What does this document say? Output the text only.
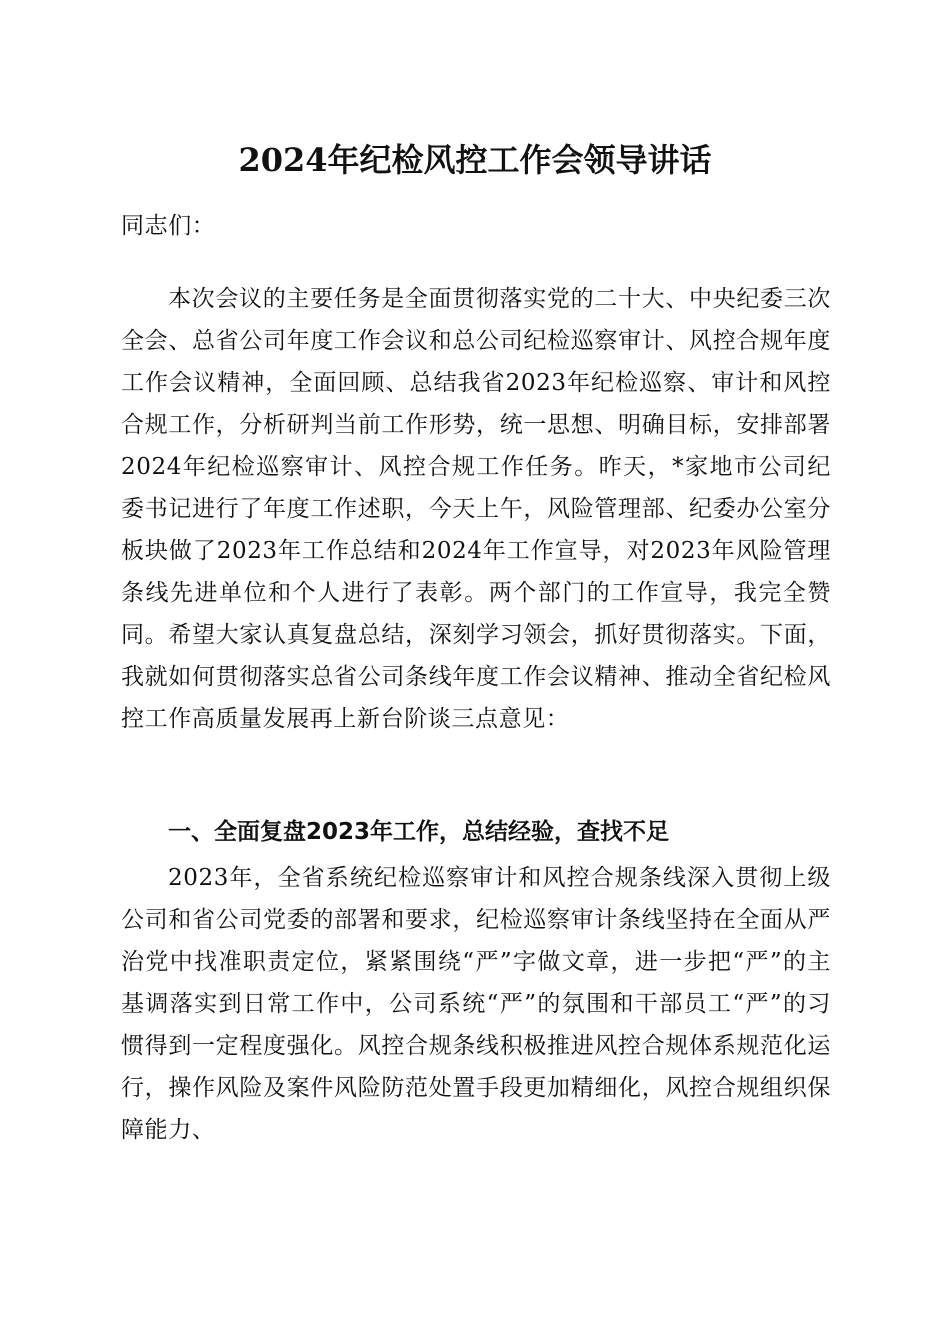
2024年纪检风控工作会领导讲话

同志们：

本次会议的主要任务是全面贯彻落实党的二十大、中央纪委三次全会、总省公司年度工作会议和总公司纪检巡察审计、风控合规年度工作会议精神，全面回顾、总结我省2023年纪检巡察、审计和风控合规工作，分析研判当前工作形势，统一思想、明确目标，安排部署2024年纪检巡察审计、风控合规工作任务。昨天，*家地市公司纪委书记进行了年度工作述职，今天上午，风险管理部、纪委办公室分板块做了2023年工作总结和2024年工作宣导，对2023年风险管理条线先进单位和个人进行了表彰。两个部门的工作宣导，我完全赞同。希望大家认真复盘总结，深刻学习领会，抓好贯彻落实。下面，我就如何贯彻落实总省公司条线年度工作会议精神、推动全省纪检风控工作高质量发展再上新台阶谈三点意见：

一、全面复盘2023年工作，总结经验，查找不足

2023年，全省系统纪检巡察审计和风控合规条线深入贯彻上级公司和省公司党委的部署和要求，纪检巡察审计条线坚持在全面从严治党中找准职责定位，紧紧围绕“严”字做文章，进一步把“严”的主基调落实到日常工作中，公司系统“严”的氛围和干部员工“严”的习惯得到一定程度强化。风控合规条线积极推进风控合规体系规范化运行，操作风险及案件风险防范处置手段更加精细化，风控合规组织保障能力、
